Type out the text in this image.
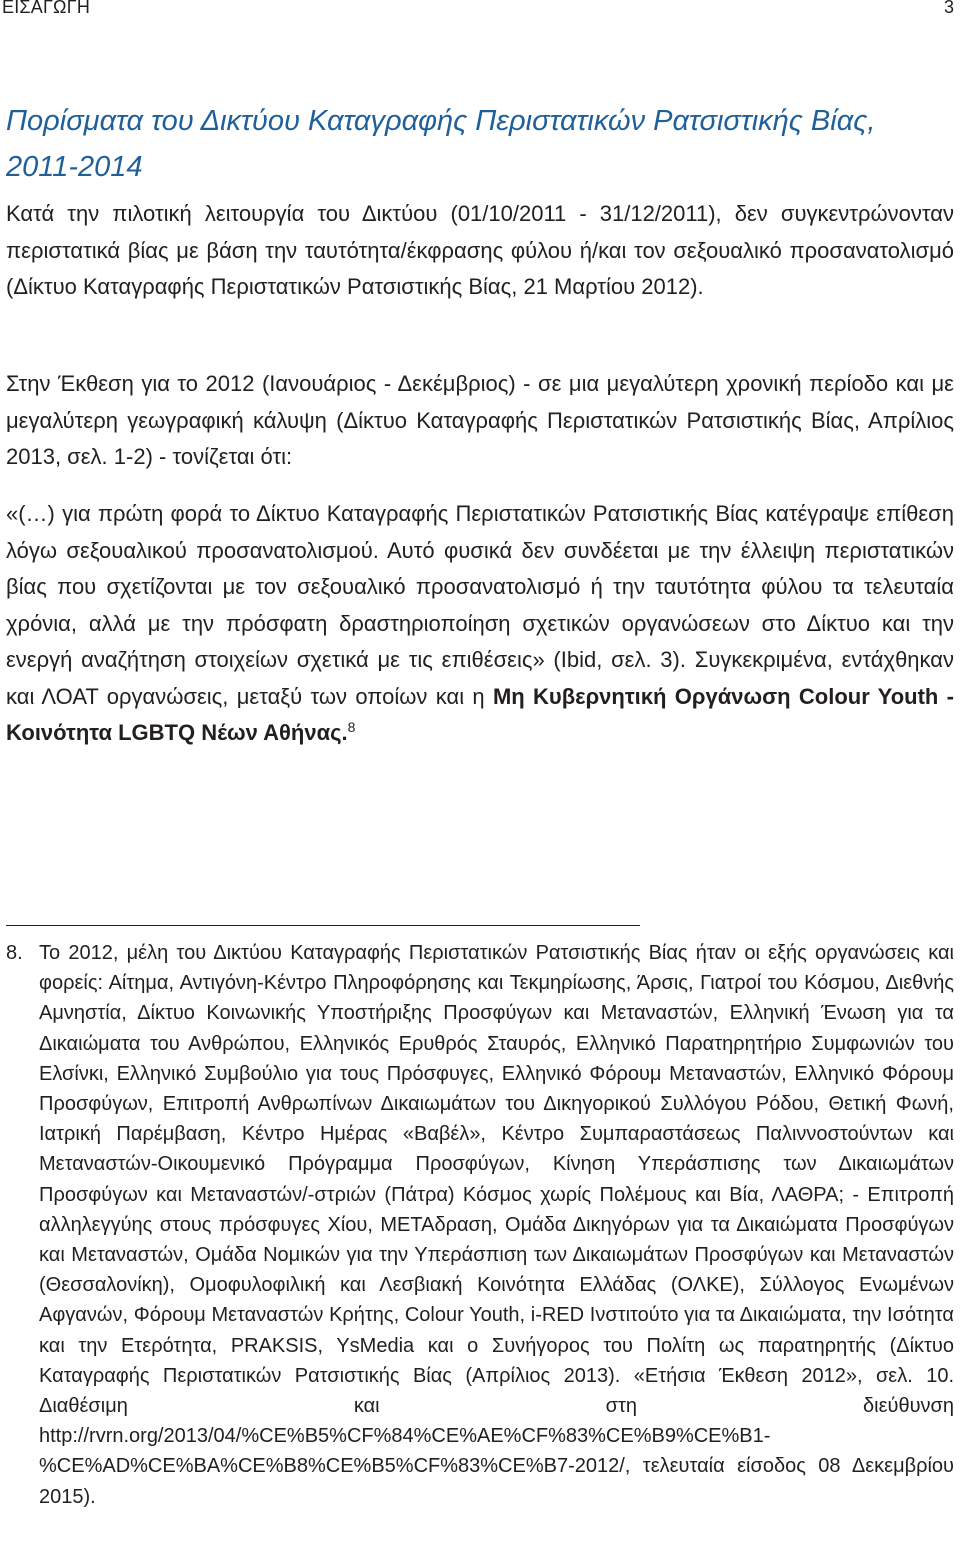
ΕΙΣΑΓΩΓΗ	3
Πορίσματα του Δικτύου Καταγραφής Περιστατικών Ρατσιστικής Βίας, 2011-2014

Κατά την πιλοτική λειτουργία του Δικτύου (01/10/2011 - 31/12/2011), δεν συγκεντρώνονταν περιστατικά βίας με βάση την ταυτότητα/έκφρασης φύλου ή/και τον σεξουαλικό προσανατολισμό (Δίκτυο Καταγραφής Περιστατικών Ρατσιστικής Βίας, 21 Μαρτίου 2012).

Στην Έκθεση για το 2012 (Ιανουάριος - Δεκέμβριος) - σε μια μεγαλύτερη χρονική περίοδο και με μεγαλύτερη γεωγραφική κάλυψη (Δίκτυο Καταγραφής Περιστατικών Ρατσιστικής Βίας, Απρίλιος 2013, σελ. 1-2) - τονίζεται ότι:

«(…) για πρώτη φορά το Δίκτυο Καταγραφής Περιστατικών Ρατσιστικής Βίας κατέγραψε επίθεση λόγω σεξουαλικού προσανατολισμού. Αυτό φυσικά δεν συνδέεται με την έλλειψη περιστατικών βίας που σχετίζονται με τον σεξουαλικό προσανατολισμό ή την ταυτότητα φύλου τα τελευταία χρόνια, αλλά με την πρόσφατη δραστηριοποίηση σχετικών οργανώσεων στο Δίκτυο και την ενεργή αναζήτηση στοιχείων σχετικά με τις επιθέσεις» (Ibid, σελ. 3). Συγκεκριμένα, εντάχθηκαν και ΛΟΑΤ οργανώσεις, μεταξύ των οποίων και η Μη Κυβερνητική Οργάνωση Colour Youth - Κοινότητα LGBTQ Νέων Αθήνας.$^8$

8. Το 2012, μέλη του Δικτύου Καταγραφής Περιστατικών Ρατσιστικής Βίας ήταν οι εξής οργανώσεις και φορείς: Αίτημα, Αντιγόνη-Κέντρο Πληροφόρησης και Τεκμηρίωσης, Άρσις, Γιατροί του Κόσμου, Διεθνής Αμνηστία, Δίκτυο Κοινωνικής Υποστήριξης Προσφύγων και Μεταναστών, Ελληνική Ένωση για τα Δικαιώματα του Ανθρώπου, Ελληνικός Ερυθρός Σταυρός, Ελληνικό Παρατηρητήριο Συμφωνιών του Ελσίνκι, Ελληνικό Συμβούλιο για τους Πρόσφυγες, Ελληνικό Φόρουμ Μεταναστών, Ελληνικό Φόρουμ Προσφύγων, Επιτροπή Ανθρωπίνων Δικαιωμάτων του Δικηγορικού Συλλόγου Ρόδου, Θετική Φωνή, Ιατρική Παρέμβαση, Κέντρο Ημέρας «Βαβέλ», Κέντρο Συμπαραστάσεως Παλιννοστούντων και Μεταναστών-Οικουμενικό Πρόγραμμα Προσφύγων, Κίνηση Υπεράσπισης των Δικαιωμάτων Προσφύγων και Μεταναστών/-στριών (Πάτρα) Κόσμος χωρίς Πολέμους και Βία, ΛΑΘΡΑ; - Επιτροπή αλληλεγγύης στους πρόσφυγες Χίου, ΜΕΤΑδραση, Ομάδα Δικηγόρων για τα Δικαιώματα Προσφύγων και Μεταναστών, Ομάδα Νομικών για την Υπεράσπιση των Δικαιωμάτων Προσφύγων και Μεταναστών (Θεσσαλονίκη), Ομοφυλοφιλική και Λεσβιακή Κοινότητα Ελλάδας (ΟΛΚΕ), Σύλλογος Ενωμένων Αφγανών, Φόρουμ Μεταναστών Κρήτης, Colour Youth, i-RED Ινστιτούτο για τα Δικαιώματα, την Ισότητα και την Ετερότητα, PRAKSIS, YsMedia και ο Συνήγορος του Πολίτη ως παρατηρητής (Δίκτυο Καταγραφής Περιστατικών Ρατσιστικής Βίας (Απρίλιος 2013). «Ετήσια Έκθεση 2012», σελ. 10. Διαθέσιμη και στη διεύθυνση http://rvrn.org/2013/04/%CE%B5%CF%84%CE%AE%CF%83%CE%B9%CE%B1-%CE%AD%CE%BA%CE%B8%CE%B5%CF%83%CE%B7-2012/, τελευταία είσοδος 08 Δεκεμβρίου 2015).
